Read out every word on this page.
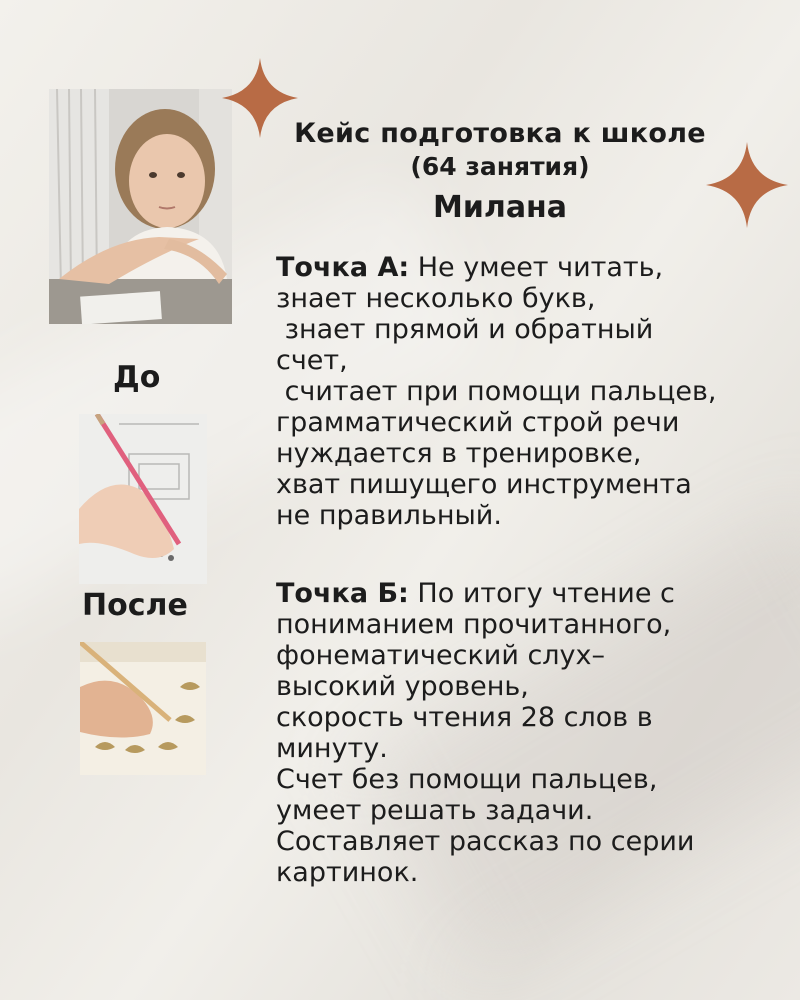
Кейс подготовка к школе
(64 занятия)
Милана
До
После
Точка А: Не умеет читать,
знает несколько букв,
знает прямой и обратный
счет,
считает при помощи пальцев,
грамматический строй речи
нуждается в тренировке,
хват пишущего инструмента
не правильный.
Точка Б: По итогу чтение с
пониманием прочитанного,
фонематический слух–
высокий уровень,
скорость чтения 28 слов в
минуту.
Счет без помощи пальцев,
умеет решать задачи.
Составляет рассказ по серии
картинок.
